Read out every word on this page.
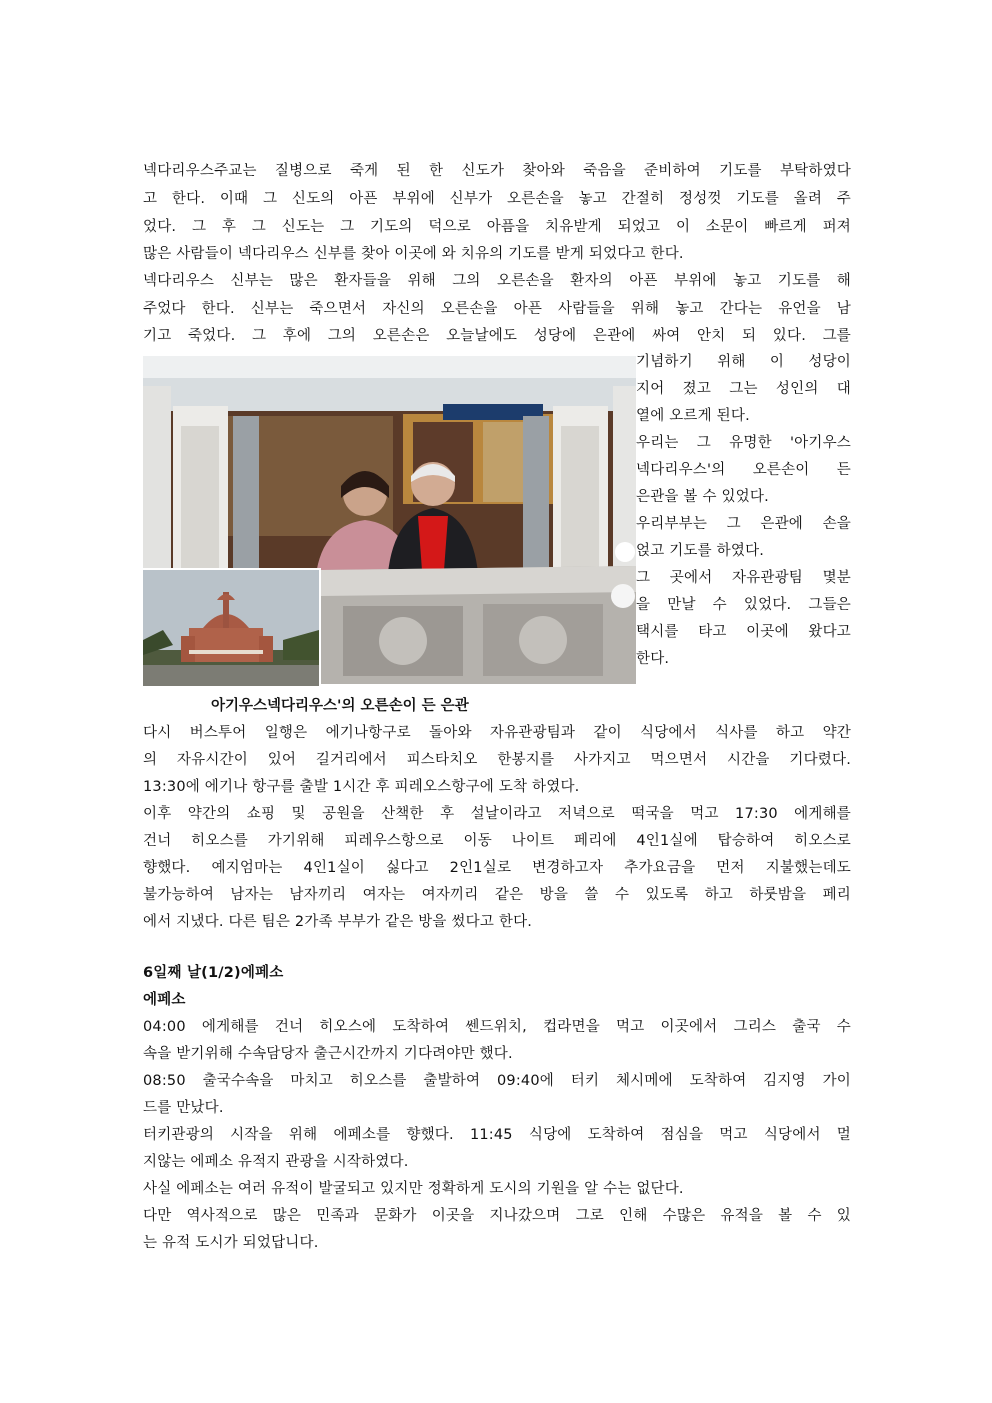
넥다리우스주교는 질병으로 죽게 된 한 신도가 찾아와 죽음을 준비하여 기도를 부탁하였다
고 한다. 이때 그 신도의 아픈 부위에 신부가 오른손을 놓고 간절히 정성껏 기도를 올려 주
었다. 그 후 그 신도는 그 기도의 덕으로 아픔을 치유받게 되었고 이 소문이 빠르게 퍼져
많은 사람들이 넥다리우스 신부를 찾아 이곳에 와 치유의 기도를 받게 되었다고 한다.
넥다리우스 신부는 많은 환자들을 위해 그의 오른손을 환자의 아픈 부위에 놓고 기도를 해
주었다 한다. 신부는 죽으면서 자신의 오른손을 아픈 사람들을 위해 놓고 간다는 유언을 남
기고 죽었다. 그 후에 그의 오른손은 오늘날에도 성당에 은관에 싸여 안치 되 있다. 그를
기념하기 위해 이 성당이
지어 졌고 그는 성인의 대
열에 오르게 된다.
우리는 그 유명한 '아기우스
넥다리우스'의 오른손이 든
은관을 볼 수 있었다.
우리부부는 그 은관에 손을
얹고 기도를 하였다.
그 곳에서 자유관광팀 몇분
을 만날 수 있었다. 그들은
택시를 타고 이곳에 왔다고
한다.
아기우스넥다리우스'의 오른손이 든 은관
다시 버스투어 일행은 에기나항구로 돌아와 자유관광팀과 같이 식당에서 식사를 하고 약간
의 자유시간이 있어 길거리에서 피스타치오 한봉지를 사가지고 먹으면서 시간을 기다렸다.
13:30에 에기나 항구를 출발 1시간 후 피레오스항구에 도착 하였다.
이후 약간의 쇼핑 및 공원을 산책한 후 설날이라고 저녁으로 떡국을 먹고 17:30 에게해를
건너 히오스를 가기위해 피레우스항으로 이동 나이트 페리에 4인1실에 탑승하여 히오스로
향했다. 예지엄마는 4인1실이 싫다고 2인1실로 변경하고자 추가요금을 먼저 지불했는데도
불가능하여 남자는 남자끼리 여자는 여자끼리 같은 방을 쓸 수 있도록 하고 하룻밤을 페리
에서 지냈다. 다른 팀은 2가족 부부가 같은 방을 썼다고 한다.
6일째 날(1/2)에페소
에페소
04:00 에게해를 건너 히오스에 도착하여 쎈드위치, 컵라면을 먹고 이곳에서 그리스 출국 수
속을 받기위해 수속담당자 출근시간까지 기다려야만 했다.
08:50 출국수속을 마치고 히오스를 출발하여 09:40에 터키 체시메에 도착하여 김지영 가이
드를 만났다.
터키관광의 시작을 위해 에페소를 향했다. 11:45 식당에 도착하여 점심을 먹고 식당에서 멀
지않는 에페소 유적지 관광을 시작하였다.
사실 에페소는 여러 유적이 발굴되고 있지만 정확하게 도시의 기원을 알 수는 없단다.
다만 역사적으로 많은 민족과 문화가 이곳을 지나갔으며 그로 인해 수많은 유적을 볼 수 있
는 유적 도시가 되었답니다.
